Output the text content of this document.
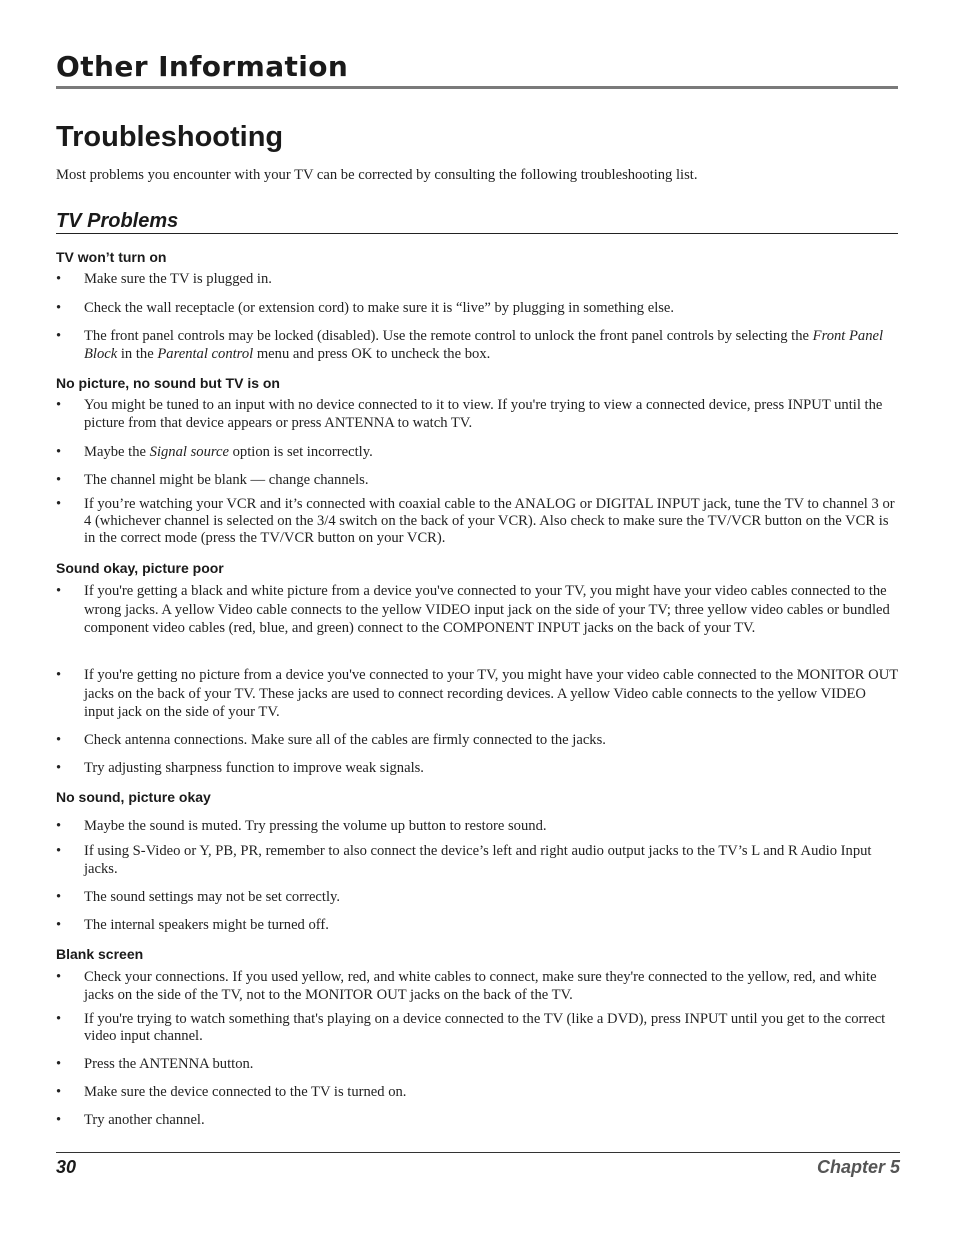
Other Information
Troubleshooting

Most problems you encounter with your TV can be corrected by consulting the following troubleshooting list.

TV Problems
TV won’t turn on
• Make sure the TV is plugged in.

• Check the wall receptacle (or extension cord) to make sure it is “live” by plugging in something else.

• The front panel controls may be locked (disabled). Use the remote control to unlock the front panel controls by selecting the Front Panel Block in the Parental control menu and press OK to uncheck the box.

No picture, no sound but TV is on
• You might be tuned to an input with no device connected to it to view. If you're trying to view a connected device, press INPUT until the picture from that device appears or press ANTENNA to watch TV.

• Maybe the Signal source option is set incorrectly.

• The channel might be blank — change channels.

• If you’re watching your VCR and it’s connected with coaxial cable to the ANALOG or DIGITAL INPUT jack, tune the TV to channel 3 or 4 (whichever channel is selected on the 3/4 switch on the back of your VCR). Also check to make sure the TV/VCR button on the VCR is in the correct mode (press the TV/VCR button on your VCR).

Sound okay, picture poor
• If you're getting a black and white picture from a device you've connected to your TV, you might have your video cables connected to the wrong jacks. A yellow Video cable connects to the yellow VIDEO input jack on the side of your TV; three yellow video cables or bundled component video cables (red, blue, and green) connect to the COMPONENT INPUT jacks on the back of your TV.

• If you're getting no picture from a device you've connected to your TV, you might have your video cable connected to the MONITOR OUT jacks on the back of your TV. These jacks are used to connect recording devices. A yellow Video cable connects to the yellow VIDEO input jack on the side of your TV.

• Check antenna connections. Make sure all of the cables are firmly connected to the jacks.

• Try adjusting sharpness function to improve weak signals.

No sound, picture okay
• Maybe the sound is muted. Try pressing the volume up button to restore sound.

• If using S-Video or Y, PB, PR, remember to also connect the device’s left and right audio output jacks to the TV’s L and R Audio Input jacks.

• The sound settings may not be set correctly.

• The internal speakers might be turned off.

Blank screen
• Check your connections. If you used yellow, red, and white cables to connect, make sure they're connected to the yellow, red, and white jacks on the side of the TV, not to the MONITOR OUT jacks on the back of the TV.

• If you're trying to watch something that's playing on a device connected to the TV (like a DVD), press INPUT until you get to the correct video input channel.

• Press the ANTENNA button.

• Make sure the device connected to the TV is turned on.

• Try another channel.

30	Chapter 5
